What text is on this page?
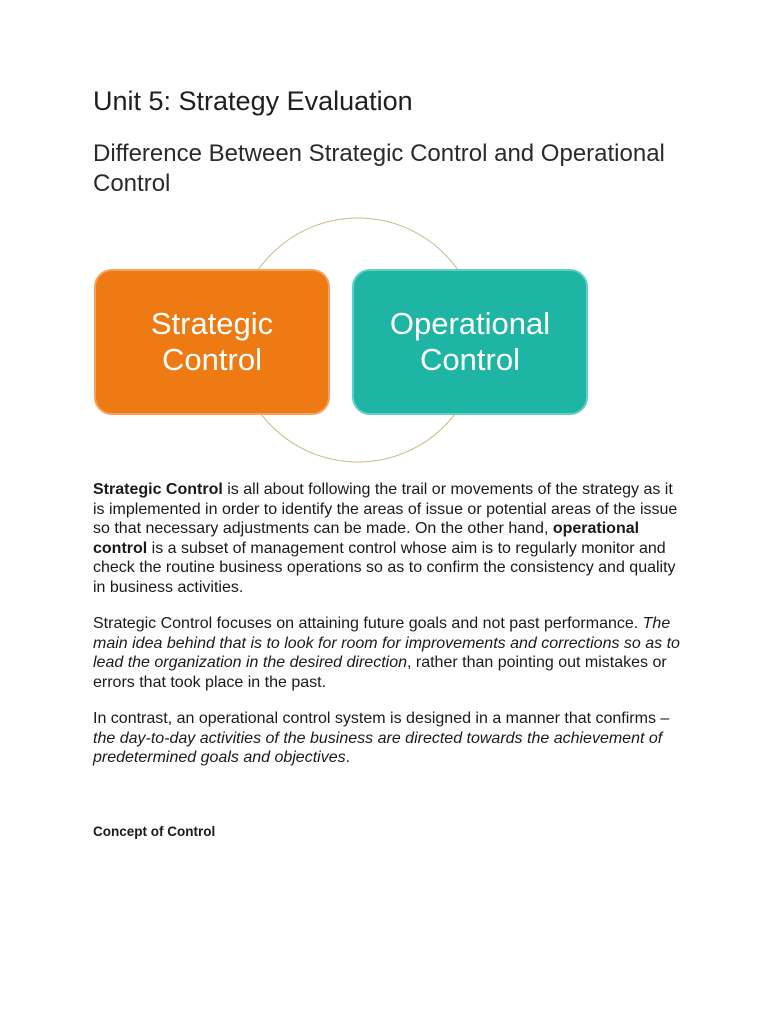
Unit 5: Strategy Evaluation
Difference Between Strategic Control and Operational Control
Strategic
Control
Operational
Control

Strategic Control is all about following the trail or movements of the strategy as it is implemented in order to identify the areas of issue or potential areas of the issue so that necessary adjustments can be made. On the other hand, operational control is a subset of management control whose aim is to regularly monitor and check the routine business operations so as to confirm the consistency and quality in business activities.

Strategic Control focuses on attaining future goals and not past performance. The main idea behind that is to look for room for improvements and corrections so as to lead the organization in the desired direction, rather than pointing out mistakes or errors that took place in the past.

In contrast, an operational control system is designed in a manner that confirms – the day-to-day activities of the business are directed towards the achievement of predetermined goals and objectives.

Concept of Control
